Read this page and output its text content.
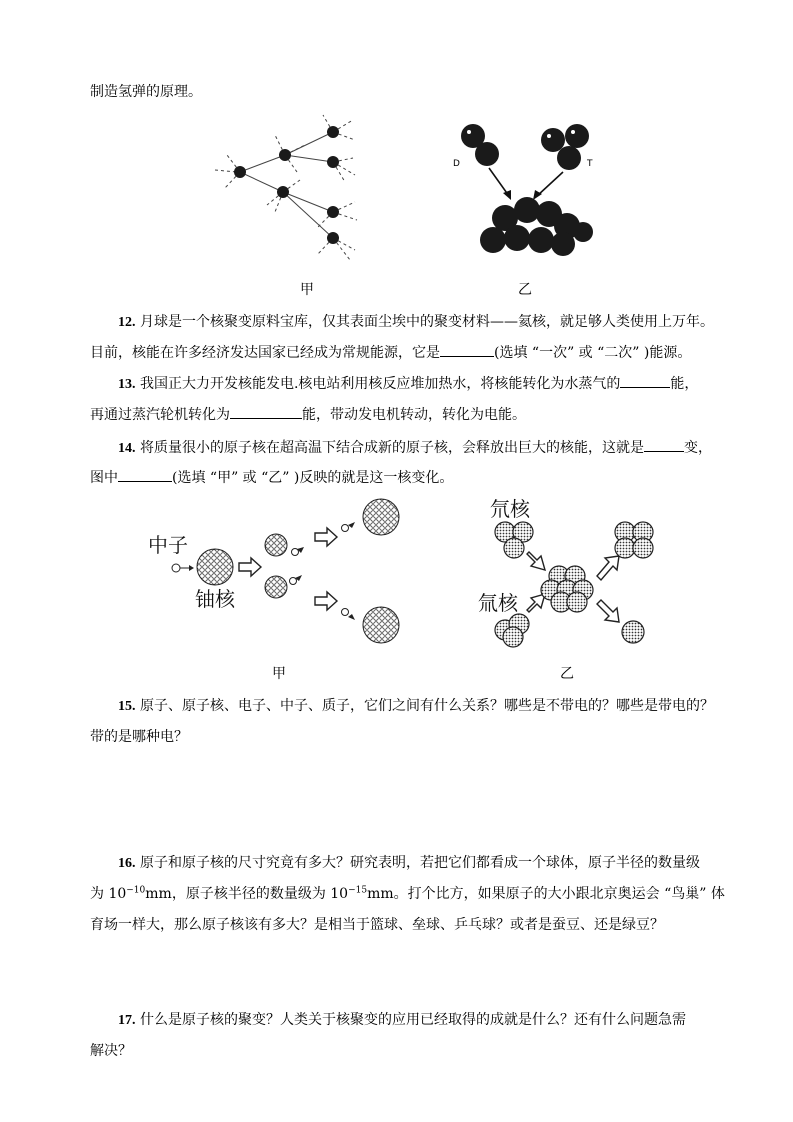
制造氢弹的原理。
D	T
甲	乙
12. 月球是一个核聚变原料宝库，仅其表面尘埃中的聚变材料——氦核，就足够人类使用上万年。
目前，核能在许多经济发达国家已经成为常规能源，它是	(选填 “一次” 或 “二次” )能源。
13. 我国正大力开发核能发电.核电站利用核反应堆加热水，将核能转化为水蒸气的	能，
再通过蒸汽轮机转化为	能，带动发电机转动，转化为电能。
14. 将质量很小的原子核在超高温下结合成新的原子核，会释放出巨大的核能，这就是	变，
图中	(选填 “甲” 或 “乙” )反映的就是这一核变化。
中子
铀核
氘核
氚核
甲	乙
15. 原子、原子核、电子、中子、质子，它们之间有什么关系？哪些是不带电的？哪些是带电的？
带的是哪种电？
16. 原子和原子核的尺寸究竟有多大？研究表明，若把它们都看成一个球体，原子半径的数量级
为 $10^{-10}mm$，原子核半径的数量级为 $10^{-15}mm$。打个比方，如果原子的大小跟北京奥运会 “鸟巢” 体
育场一样大，那么原子核该有多大？是相当于篮球、垒球、乒乓球？或者是蚕豆、还是绿豆？
17. 什么是原子核的聚变？人类关于核聚变的应用已经取得的成就是什么？还有什么问题急需
解决？
